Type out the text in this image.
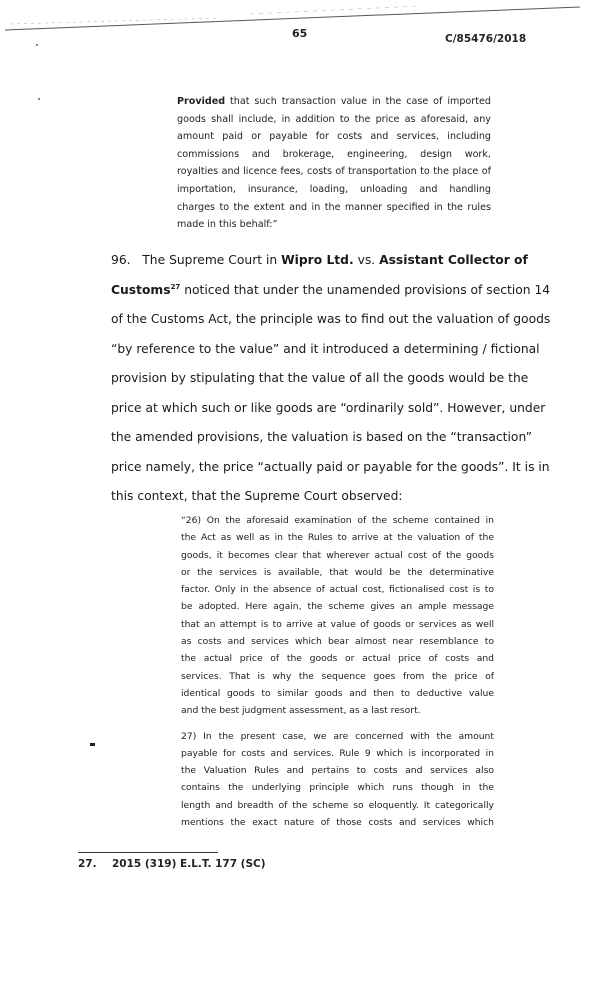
65	C/85476/2018
Provided that such transaction value in the case of imported
goods shall include, in addition to the price as aforesaid, any
amount paid or payable for costs and services, including
commissions and brokerage, engineering, design work,
royalties and licence fees, costs of transportation to the place of
importation, insurance, loading, unloading and handling
charges to the extent and in the manner specified in the rules
made in this behalf:”
96. The Supreme Court in Wipro Ltd. vs. Assistant Collector of
Customs$^{27}$ noticed that under the unamended provisions of section 14
of the Customs Act, the principle was to find out the valuation of goods
“by reference to the value” and it introduced a determining / fictional
provision by stipulating that the value of all the goods would be the
price at which such or like goods are “ordinarily sold”. However, under
the amended provisions, the valuation is based on the “transaction”
price namely, the price “actually paid or payable for the goods”. It is in
this context, that the Supreme Court observed:
“26) On the aforesaid examination of the scheme contained in
the Act as well as in the Rules to arrive at the valuation of the
goods, it becomes clear that wherever actual cost of the goods
or the services is available, that would be the determinative
factor. Only in the absence of actual cost, fictionalised cost is to
be adopted. Here again, the scheme gives an ample message
that an attempt is to arrive at value of goods or services as well
as costs and services which bear almost near resemblance to
the actual price of the goods or actual price of costs and
services. That is why the sequence goes from the price of
identical goods to similar goods and then to deductive value
and the best judgment assessment, as a last resort.
27) In the present case, we are concerned with the amount
payable for costs and services. Rule 9 which is incorporated in
the Valuation Rules and pertains to costs and services also
contains the underlying principle which runs though in the
length and breadth of the scheme so eloquently. It categorically
mentions the exact nature of those costs and services which
27. 2015 (319) E.L.T. 177 (SC)
